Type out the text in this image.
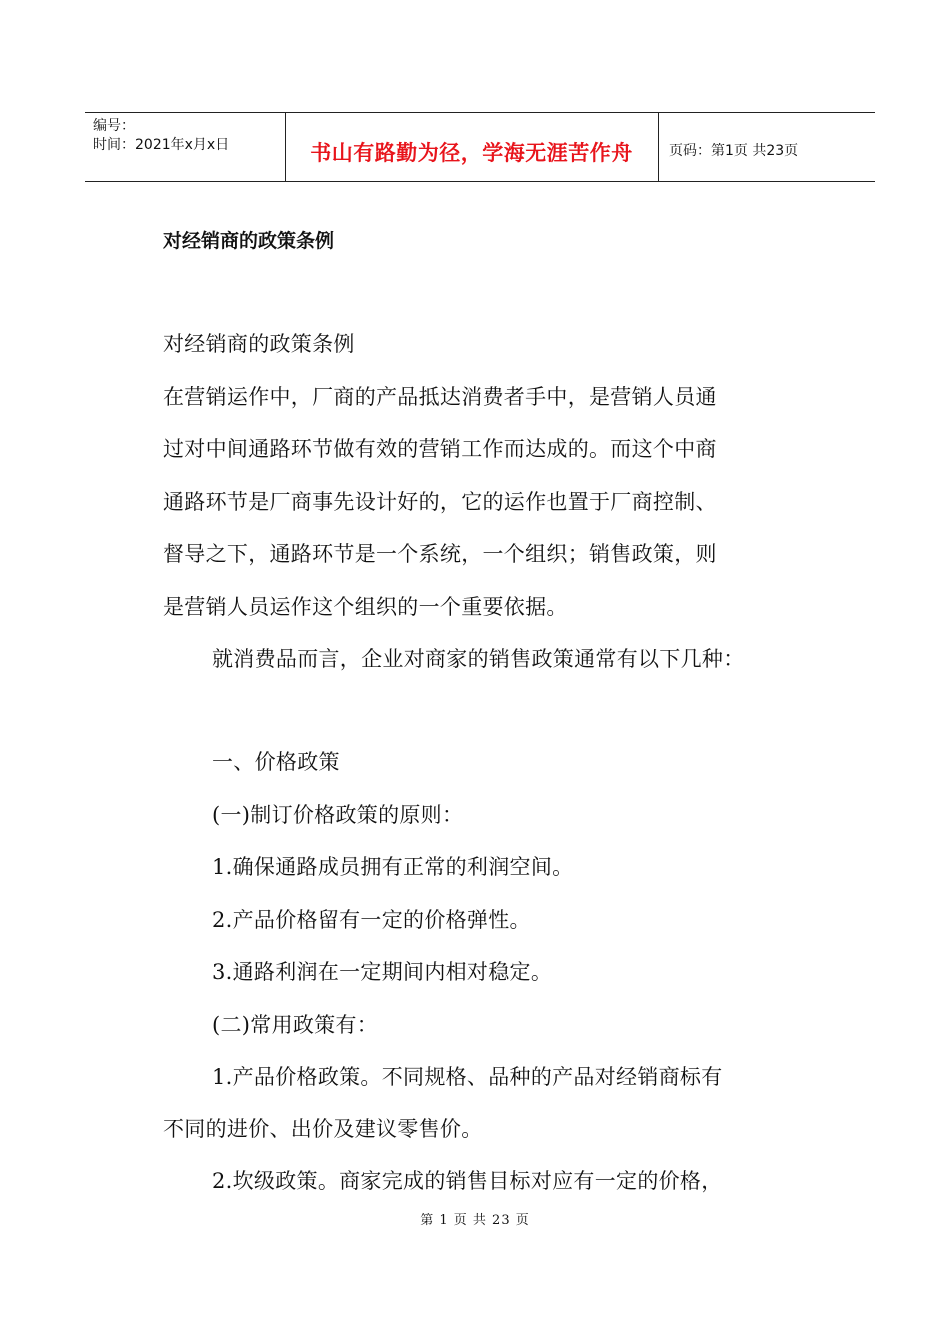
编号：
时间：2021年x月x日	书山有路勤为径，学海无涯苦作舟	页码：第1页 共23页
对经销商的政策条例
对经销商的政策条例
在营销运作中，厂商的产品抵达消费者手中，是营销人员通
过对中间通路环节做有效的营销工作而达成的。而这个中商
通路环节是厂商事先设计好的，它的运作也置于厂商控制、
督导之下，通路环节是一个系统，一个组织；销售政策，则
是营销人员运作这个组织的一个重要依据。
就消费品而言，企业对商家的销售政策通常有以下几种：
一、价格政策
(一)制订价格政策的原则：
1.确保通路成员拥有正常的利润空间。
2.产品价格留有一定的价格弹性。
3.通路利润在一定期间内相对稳定。
(二)常用政策有：
1.产品价格政策。不同规格、品种的产品对经销商标有
不同的进价、出价及建议零售价。
2.坎级政策。商家完成的销售目标对应有一定的价格，
第 1 页 共 23 页
